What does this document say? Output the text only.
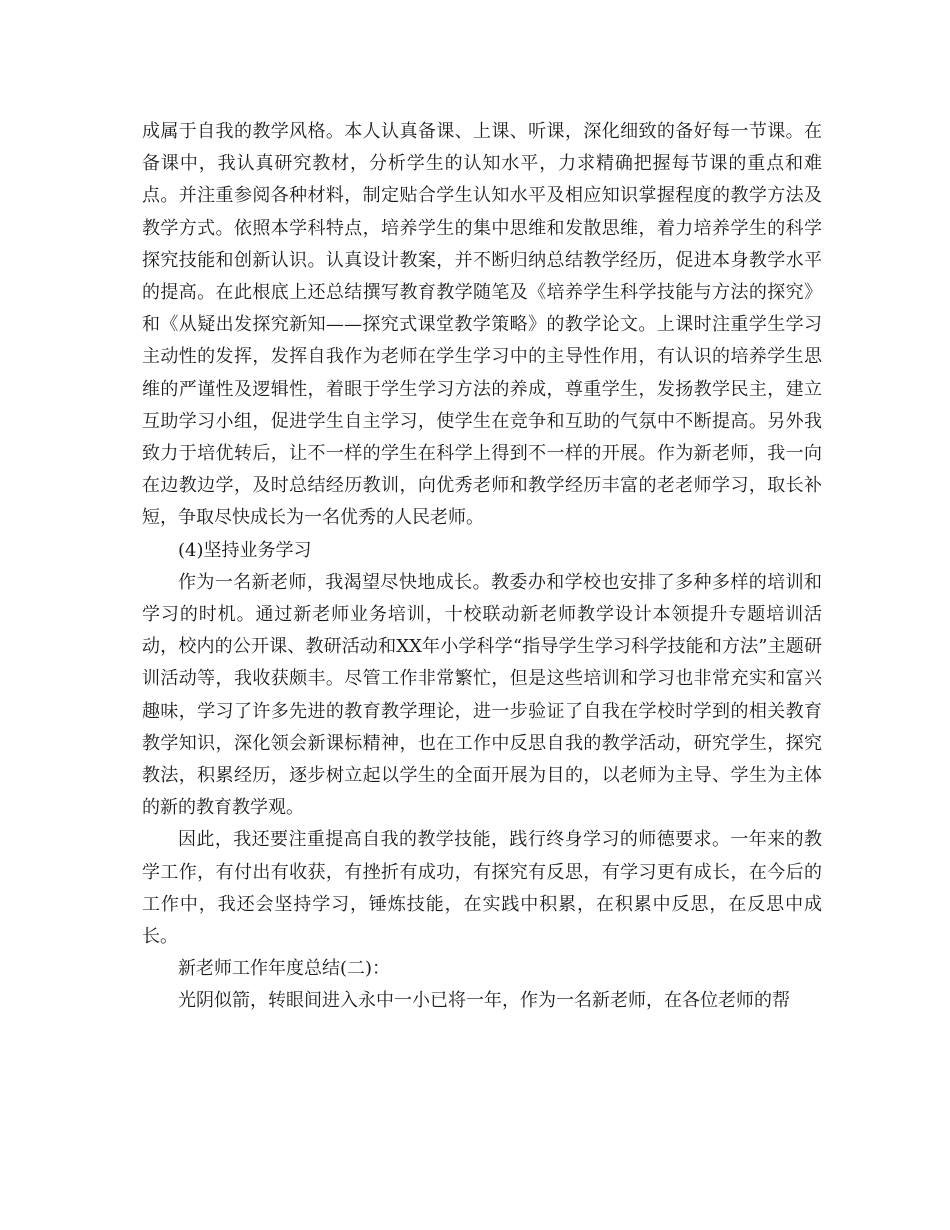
成属于自我的教学风格。本人认真备课、上课、听课，深化细致的备好每一节课。在备课中，我认真研究教材，分析学生的认知水平，力求精确把握每节课的重点和难点。并注重参阅各种材料，制定贴合学生认知水平及相应知识掌握程度的教学方法及教学方式。依照本学科特点，培养学生的集中思维和发散思维，着力培养学生的科学探究技能和创新认识。认真设计教案，并不断归纳总结教学经历，促进本身教学水平的提高。在此根底上还总结撰写教育教学随笔及《培养学生科学技能与方法的探究》和《从疑出发探究新知——探究式课堂教学策略》的教学论文。上课时注重学生学习主动性的发挥，发挥自我作为老师在学生学习中的主导性作用，有认识的培养学生思维的严谨性及逻辑性，着眼于学生学习方法的养成，尊重学生，发扬教学民主，建立互助学习小组，促进学生自主学习，使学生在竞争和互助的气氛中不断提高。另外我致力于培优转后，让不一样的学生在科学上得到不一样的开展。作为新老师，我一向在边教边学，及时总结经历教训，向优秀老师和教学经历丰富的老老师学习，取长补短，争取尽快成长为一名优秀的人民老师。

(4)坚持业务学习

作为一名新老师，我渴望尽快地成长。教委办和学校也安排了多种多样的培训和学习的时机。通过新老师业务培训，十校联动新老师教学设计本领提升专题培训活动，校内的公开课、教研活动和XX年小学科学“指导学生学习科学技能和方法”主题研训活动等，我收获颇丰。尽管工作非常繁忙，但是这些培训和学习也非常充实和富兴趣味，学习了许多先进的教育教学理论，进一步验证了自我在学校时学到的相关教育教学知识，深化领会新课标精神，也在工作中反思自我的教学活动，研究学生，探究教法，积累经历，逐步树立起以学生的全面开展为目的，以老师为主导、学生为主体的新的教育教学观。

因此，我还要注重提高自我的教学技能，践行终身学习的师德要求。一年来的教学工作，有付出有收获，有挫折有成功，有探究有反思，有学习更有成长，在今后的工作中，我还会坚持学习，锤炼技能，在实践中积累，在积累中反思，在反思中成长。

新老师工作年度总结(二)：

光阴似箭，转眼间进入永中一小已将一年，作为一名新老师，在各位老师的帮
